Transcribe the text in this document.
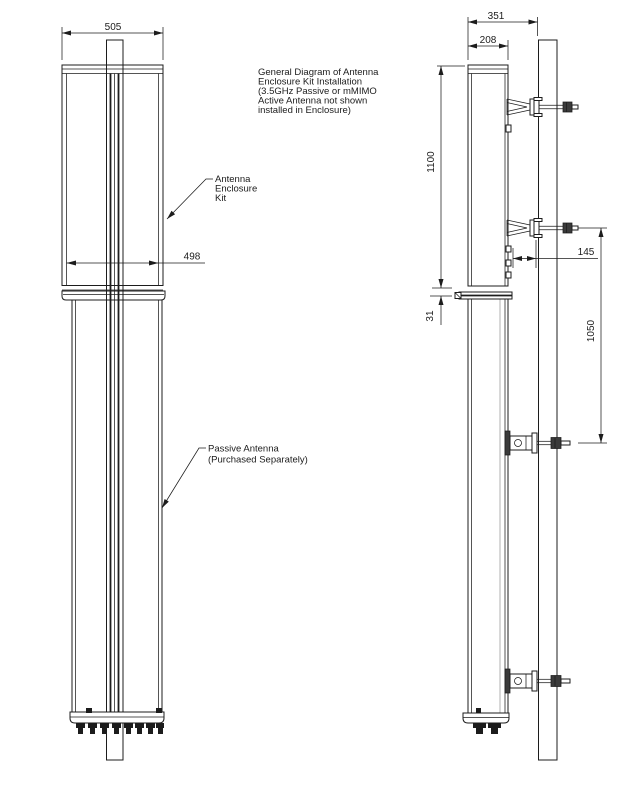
505
498
351
208
1100
31
145
1050
General Diagram of Antenna
Enclosure Kit Installation
(3.5GHz Passive or mMIMO
Active Antenna not shown
installed in Enclosure)
Antenna
Enclosure
Kit
Passive Antenna
(Purchased Separately)
